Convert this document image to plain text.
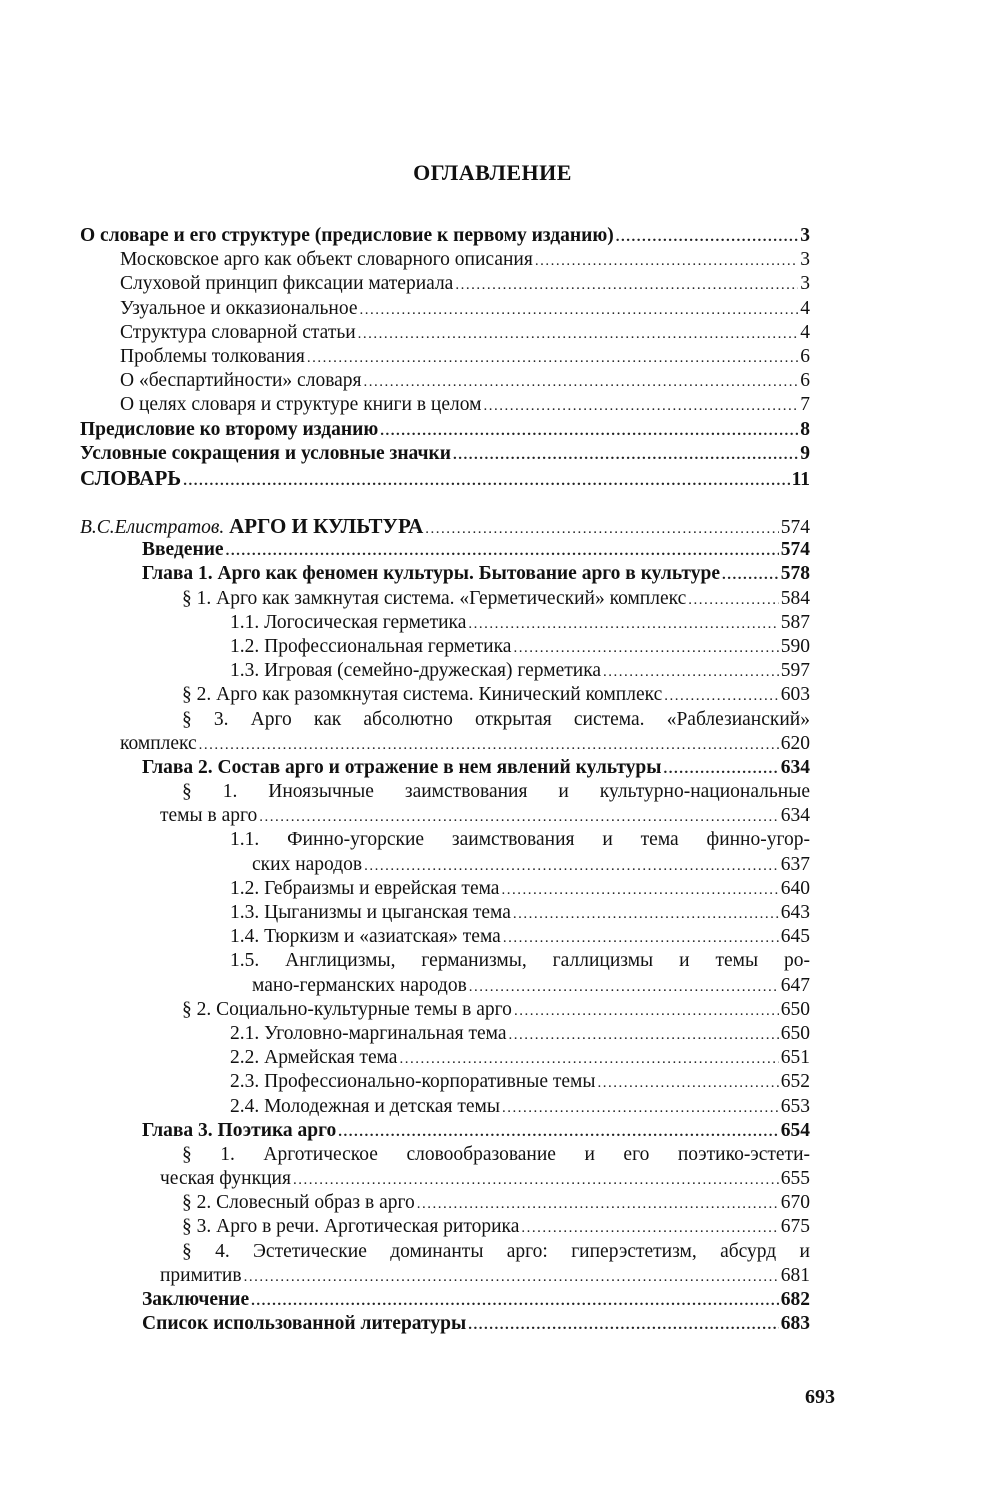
ОГЛАВЛЕНИЕ
О словаре и его структуре (предисловие к первому изданию) .....	3
Московское арго как объект словарного описания .....	3
Слуховой принцип фиксации материала .....	3
Узуальное и окказиональное .....	4
Структура словарной статьи .....	4
Проблемы толкования .....	6
О «беспартийности» словаря .....	6
О целях словаря и структуре книги в целом .....	7
Предисловие ко второму изданию .....	8
Условные сокращения и условные значки .....	9
СЛОВАРЬ .....	11
В.С.Елистратов. АРГО И КУЛЬТУРА .....	574
Введение .....	574
Глава 1. Арго как феномен культуры. Бытование арго в культуре .....	578
§ 1. Арго как замкнутая система. «Герметический» комплекс .....	584
1.1. Логосическая герметика .....	587
1.2. Профессиональная герметика .....	590
1.3. Игровая (семейно-дружеская) герметика .....	597
§ 2. Арго как разомкнутая система. Кинический комплекс .....	603
§ 3. Арго как абсолютно открытая система. «Раблезианский»
комплекс .....	620
Глава 2. Состав арго и отражение в нем явлений культуры .....	634
§ 1. Иноязычные заимствования и культурно-национальные
темы в арго .....	634
1.1. Финно-угорские заимствования и тема финно-угор-
ских народов .....	637
1.2. Гебраизмы и еврейская тема .....	640
1.3. Цыганизмы и цыганская тема .....	643
1.4. Тюркизм и «азиатская» тема .....	645
1.5. Англицизмы, германизмы, галлицизмы и темы ро-
мано-германских народов .....	647
§ 2. Социально-культурные темы в арго .....	650
2.1. Уголовно-маргинальная тема .....	650
2.2. Армейская тема .....	651
2.3. Профессионально-корпоративные темы .....	652
2.4. Молодежная и детская темы .....	653
Глава 3. Поэтика арго .....	654
§ 1. Арготическое словообразование и его поэтико-эстети-
ческая функция .....	655
§ 2. Словесный образ в арго .....	670
§ 3. Арго в речи. Арготическая риторика .....	675
§ 4. Эстетические доминанты арго: гиперэстетизм, абсурд и
примитив .....	681
Заключение .....	682
Список использованной литературы .....	683
693
